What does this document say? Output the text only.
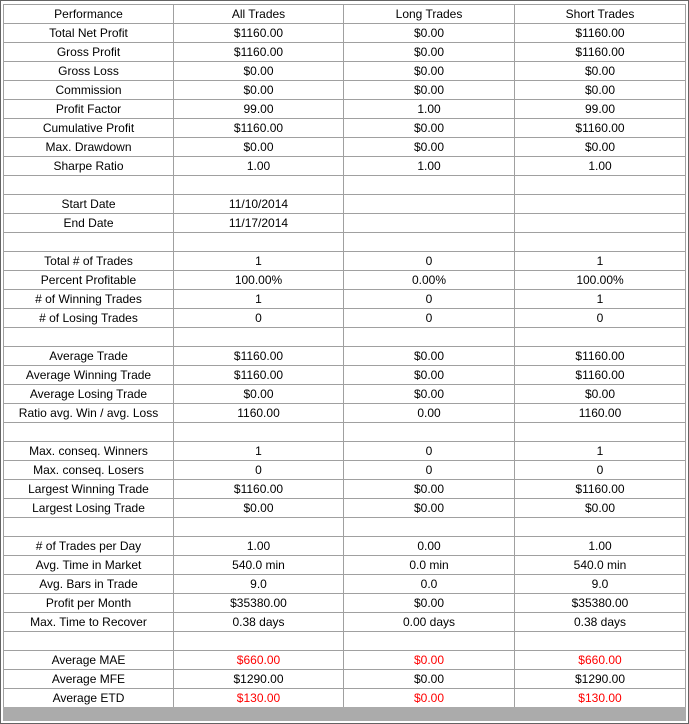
Performance	All Trades	Long Trades	Short Trades
Total Net Profit	$1160.00	$0.00	$1160.00
Gross Profit	$1160.00	$0.00	$1160.00
Gross Loss	$0.00	$0.00	$0.00
Commission	$0.00	$0.00	$0.00
Profit Factor	99.00	1.00	99.00
Cumulative Profit	$1160.00	$0.00	$1160.00
Max. Drawdown	$0.00	$0.00	$0.00
Sharpe Ratio	1.00	1.00	1.00

Start Date	11/10/2014		
End Date	11/17/2014		

Total # of Trades	1	0	1
Percent Profitable	100.00%	0.00%	100.00%
# of Winning Trades	1	0	1
# of Losing Trades	0	0	0

Average Trade	$1160.00	$0.00	$1160.00
Average Winning Trade	$1160.00	$0.00	$1160.00
Average Losing Trade	$0.00	$0.00	$0.00
Ratio avg. Win / avg. Loss	1160.00	0.00	1160.00

Max. conseq. Winners	1	0	1
Max. conseq. Losers	0	0	0
Largest Winning Trade	$1160.00	$0.00	$1160.00
Largest Losing Trade	$0.00	$0.00	$0.00

# of Trades per Day	1.00	0.00	1.00
Avg. Time in Market	540.0 min	0.0 min	540.0 min
Avg. Bars in Trade	9.0	0.0	9.0
Profit per Month	$35380.00	$0.00	$35380.00
Max. Time to Recover	0.38 days	0.00 days	0.38 days

Average MAE	$660.00	$0.00	$660.00
Average MFE	$1290.00	$0.00	$1290.00
Average ETD	$130.00	$0.00	$130.00
